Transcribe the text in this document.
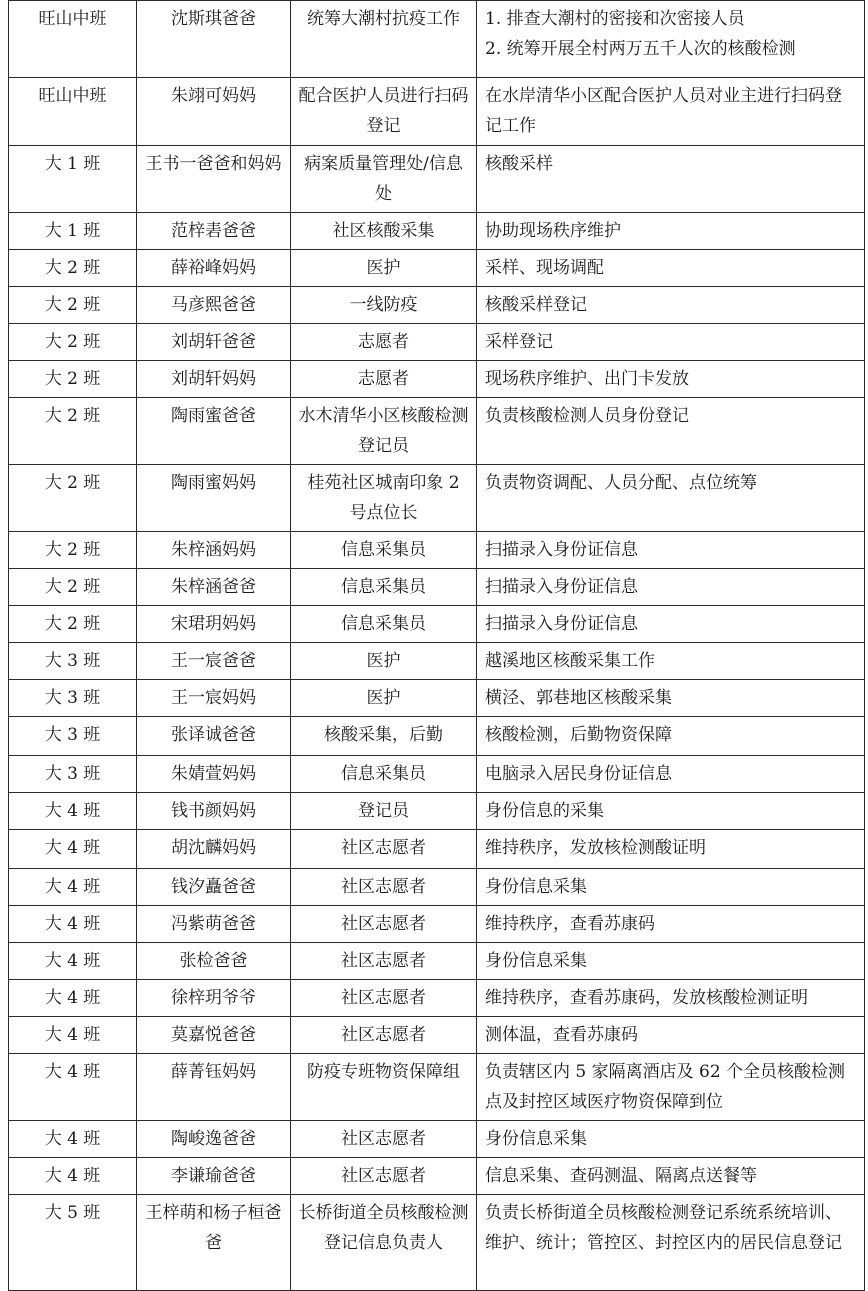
旺山中班	沈斯琪爸爸	统筹大潮村抗疫工作	1. 排查大潮村的密接和次密接人员
2. 统筹开展全村两万五千人次的核酸检测

旺山中班	朱翊可妈妈	配合医护人员进行扫码登记	在水岸清华小区配合医护人员对业主进行扫码登记工作

大 1 班	王书一爸爸和妈妈	病案质量管理处/信息处	核酸采样

大 1 班	范梓砉爸爸	社区核酸采集	协助现场秩序维护

大 2 班	薛裕峰妈妈	医护	采样、现场调配

大 2 班	马彦熙爸爸	一线防疫	核酸采样登记

大 2 班	刘胡轩爸爸	志愿者	采样登记

大 2 班	刘胡轩妈妈	志愿者	现场秩序维护、出门卡发放

大 2 班	陶雨蜜爸爸	水木清华小区核酸检测登记员	负责核酸检测人员身份登记

大 2 班	陶雨蜜妈妈	桂苑社区城南印象 2 号点位长	负责物资调配、人员分配、点位统筹

大 2 班	朱梓涵妈妈	信息采集员	扫描录入身份证信息

大 2 班	朱梓涵爸爸	信息采集员	扫描录入身份证信息

大 2 班	宋珺玥妈妈	信息采集员	扫描录入身份证信息

大 3 班	王一宸爸爸	医护	越溪地区核酸采集工作

大 3 班	王一宸妈妈	医护	横泾、郭巷地区核酸采集

大 3 班	张译诚爸爸	核酸采集，后勤	核酸检测，后勤物资保障

大 3 班	朱婧萱妈妈	信息采集员	电脑录入居民身份证信息

大 4 班	钱书颜妈妈	登记员	身份信息的采集

大 4 班	胡沈麟妈妈	社区志愿者	维持秩序，发放核检测酸证明

大 4 班	钱汐矗爸爸	社区志愿者	身份信息采集

大 4 班	冯紫萌爸爸	社区志愿者	维持秩序，查看苏康码

大 4 班	张检爸爸	社区志愿者	身份信息采集

大 4 班	徐梓玥爷爷	社区志愿者	维持秩序，查看苏康码，发放核酸检测证明

大 4 班	莫嘉悦爸爸	社区志愿者	测体温，查看苏康码

大 4 班	薛菁钰妈妈	防疫专班物资保障组	负责辖区内 5 家隔离酒店及 62 个全员核酸检测点及封控区域医疗物资保障到位

大 4 班	陶峻逸爸爸	社区志愿者	身份信息采集

大 4 班	李谦瑜爸爸	社区志愿者	信息采集、查码测温、隔离点送餐等

大 5 班	王梓萌和杨子桓爸爸	长桥街道全员核酸检测登记信息负责人	负责长桥街道全员核酸检测登记系统系统培训、维护、统计；管控区、封控区内的居民信息登记
